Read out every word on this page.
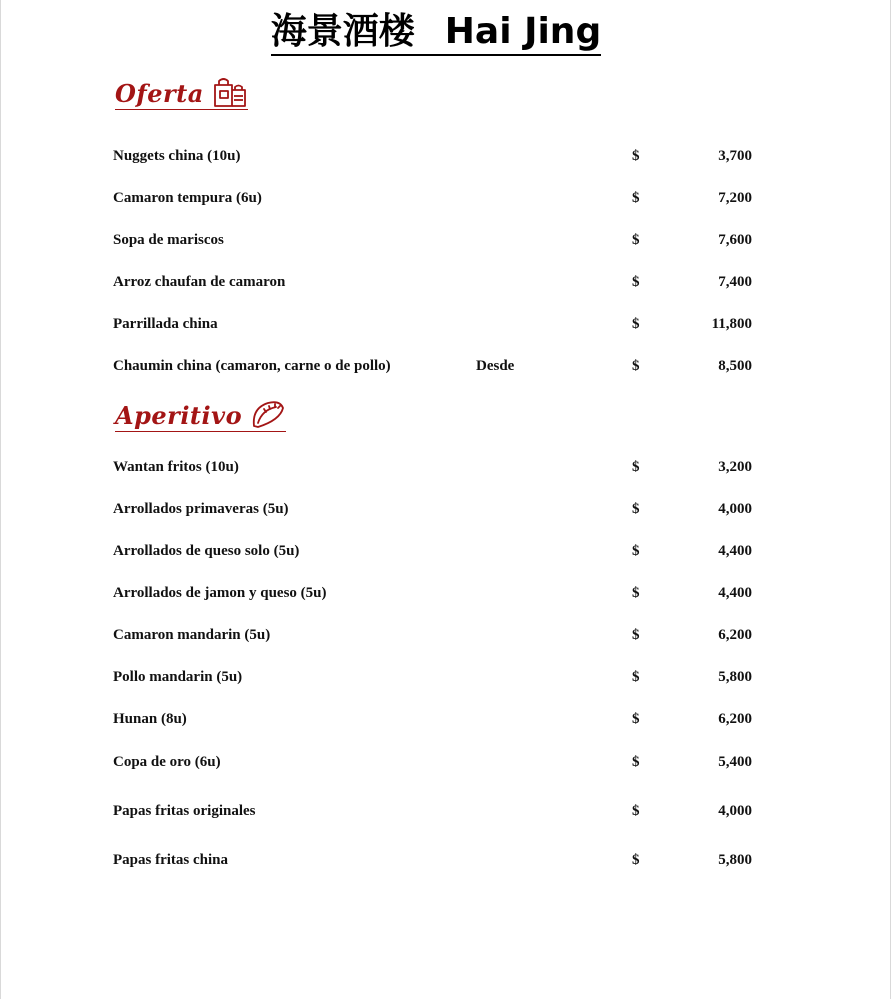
海景酒楼 Hai Jing
Oferta
Nuggets china (10u)	$	3,700
Camaron tempura (6u)	$	7,200
Sopa de mariscos	$	7,600
Arroz chaufan de camaron	$	7,400
Parrillada china	$	11,800
Chaumin china (camaron, carne o de pollo)	Desde	$	8,500
Aperitivo
Wantan fritos (10u)	$	3,200
Arrollados primaveras (5u)	$	4,000
Arrollados de queso solo (5u)	$	4,400
Arrollados de jamon y queso (5u)	$	4,400
Camaron mandarin (5u)	$	6,200
Pollo mandarin (5u)	$	5,800
Hunan (8u)	$	6,200
Copa de oro (6u)	$	5,400
Papas fritas originales	$	4,000
Papas fritas china	$	5,800
